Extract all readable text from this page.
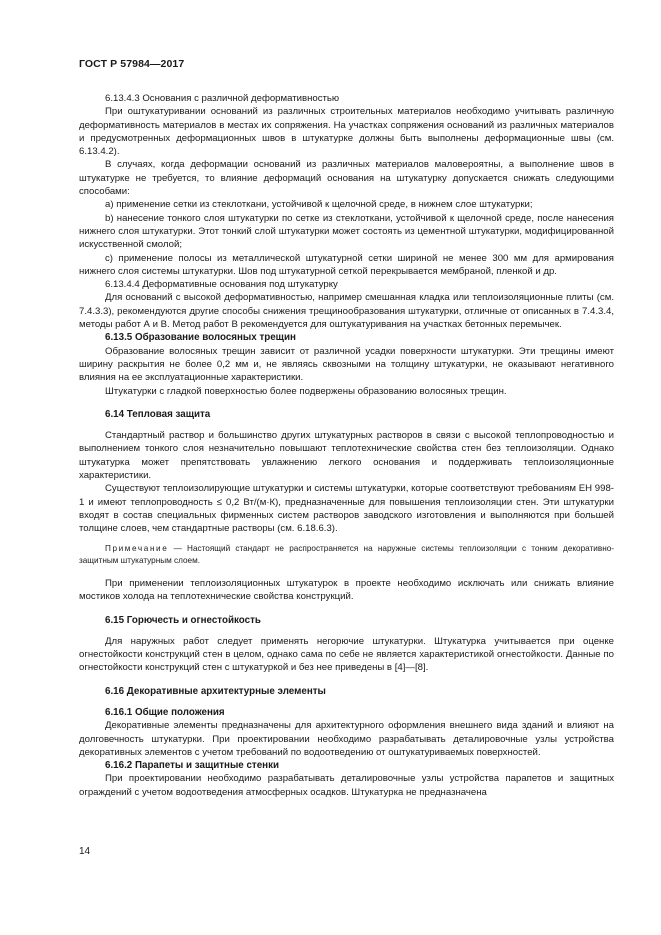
ГОСТ Р 57984—2017

6.13.4.3 Основания с различной деформативностью

При оштукатуривании оснований из различных строительных материалов необходимо учитывать различную деформативность материалов в местах их сопряжения. На участках сопряжения оснований из различных материалов и предусмотренных деформационных швов в штукатурке должны быть выполнены деформационные швы (см. 6.13.4.2).

В случаях, когда деформации оснований из различных материалов маловероятны, а выполнение швов в штукатурке не требуется, то влияние деформаций основания на штукатурку допускается снижать следующими способами:

а) применение сетки из стеклоткани, устойчивой к щелочной среде, в нижнем слое штукатурки;

b) нанесение тонкого слоя штукатурки по сетке из стеклоткани, устойчивой к щелочной среде, после нанесения нижнего слоя штукатурки. Этот тонкий слой штукатурки может состоять из цементной штукатурки, модифицированной искусственной смолой;

с) применение полосы из металлической штукатурной сетки шириной не менее 300 мм для армирования нижнего слоя системы штукатурки. Шов под штукатурной сеткой перекрывается мембраной, пленкой и др.

6.13.4.4 Деформативные основания под штукатурку

Для оснований с высокой деформативностью, например смешанная кладка или теплоизоляционные плиты (см. 7.4.3.3), рекомендуются другие способы снижения трещинообразования штукатурки, отличные от описанных в 7.4.3.4, методы работ А и В. Метод работ В рекомендуется для оштукатуривания на участках бетонных перемычек.

6.13.5 Образование волосяных трещин

Образование волосяных трещин зависит от различной усадки поверхности штукатурки. Эти трещины имеют ширину раскрытия не более 0,2 мм и, не являясь сквозными на толщину штукатурки, не оказывают негативного влияния на ее эксплуатационные характеристики.

Штукатурки с гладкой поверхностью более подвержены образованию волосяных трещин.

6.14 Тепловая защита

Стандартный раствор и большинство других штукатурных растворов в связи с высокой теплопроводностью и выполнением тонкого слоя незначительно повышают теплотехнические свойства стен без теплоизоляции. Однако штукатурка может препятствовать увлажнению легкого основания и поддерживать теплоизоляционные характеристики.

Существуют теплоизолирующие штукатурки и системы штукатурки, которые соответствуют требованиям ЕН 998-1 и имеют теплопроводность ≤ 0,2 Вт/(м·К), предназначенные для повышения теплоизоляции стен. Эти штукатурки входят в состав специальных фирменных систем растворов заводского изготовления и выполняются при большей толщине слоев, чем стандартные растворы (см. 6.18.6.3).

Примечание — Настоящий стандарт не распространяется на наружные системы теплоизоляции с тонким декоративно-защитным штукатурным слоем.

При применении теплоизоляционных штукатурок в проекте необходимо исключать или снижать влияние мостиков холода на теплотехнические свойства конструкций.

6.15 Горючесть и огнестойкость

Для наружных работ следует применять негорючие штукатурки. Штукатурка учитывается при оценке огнестойкости конструкций стен в целом, однако сама по себе не является характеристикой огнестойкости. Данные по огнестойкости конструкций стен с штукатуркой и без нее приведены в [4]—[8].

6.16 Декоративные архитектурные элементы
6.16.1 Общие положения

Декоративные элементы предназначены для архитектурного оформления внешнего вида зданий и влияют на долговечность штукатурки. При проектировании необходимо разрабатывать деталировочные узлы устройства декоративных элементов с учетом требований по водоотведению от оштукатуриваемых поверхностей.

6.16.2 Парапеты и защитные стенки

При проектировании необходимо разрабатывать деталировочные узлы устройства парапетов и защитных ограждений с учетом водоотведения атмосферных осадков. Штукатурка не предназначена

14
